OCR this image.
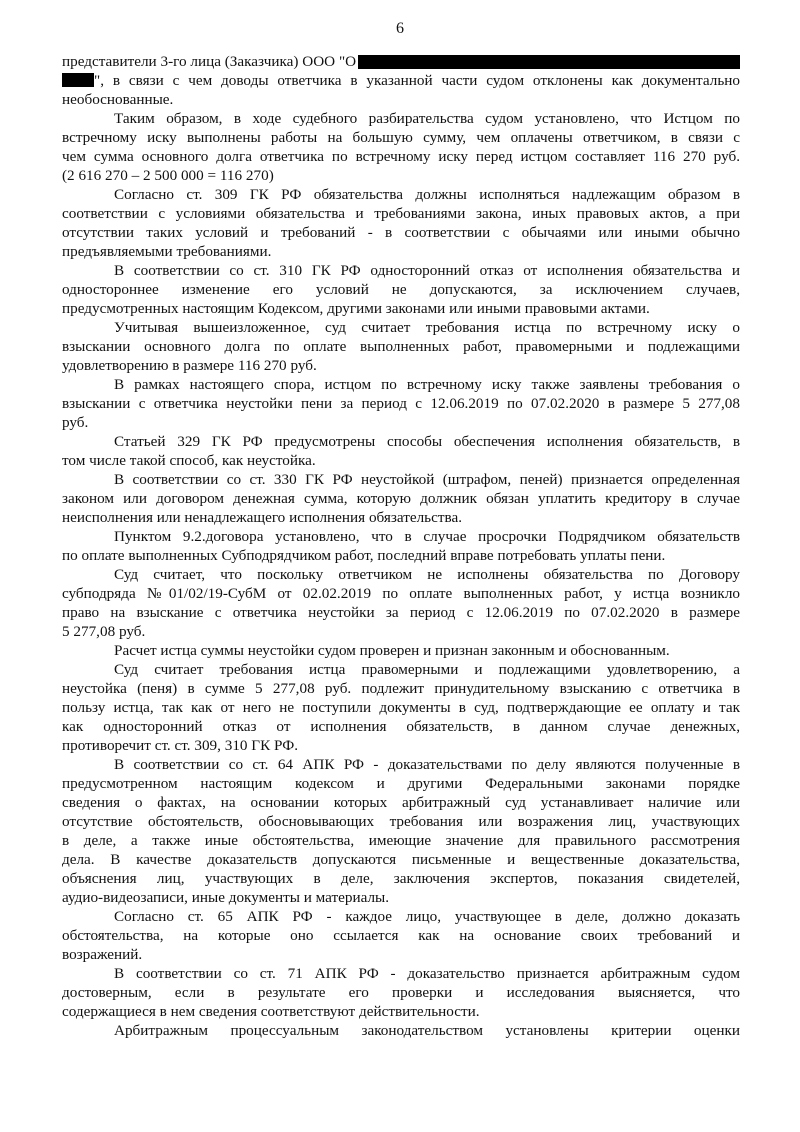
6
представители 3-го лица (Заказчика) ООО "О
", в связи с чем доводы ответчика в указанной части судом отклонены как документально
необоснованные.
Таким образом, в ходе судебного разбирательства судом установлено, что Истцом по
встречному иску выполнены работы на большую сумму, чем оплачены ответчиком, в связи с
чем сумма основного долга ответчика по встречному иску перед истцом составляет 116 270 руб.
(2 616 270 – 2 500 000 = 116 270)
Согласно ст. 309 ГК РФ обязательства должны исполняться надлежащим образом в
соответствии с условиями обязательства и требованиями закона, иных правовых актов, а при
отсутствии таких условий и требований - в соответствии с обычаями или иными обычно
предъявляемыми требованиями.
В соответствии со ст. 310 ГК РФ односторонний отказ от исполнения обязательства и
одностороннее изменение его условий не допускаются, за исключением случаев,
предусмотренных настоящим Кодексом, другими законами или иными правовыми актами.
Учитывая вышеизложенное, суд считает требования истца по встречному иску о
взыскании основного долга по оплате выполненных работ, правомерными и подлежащими
удовлетворению в размере 116 270 руб.
В рамках настоящего спора, истцом по встречному иску также заявлены требования о
взыскании с ответчика неустойки пени за период с 12.06.2019 по 07.02.2020 в размере 5 277,08
руб.
Статьей 329 ГК РФ предусмотрены способы обеспечения исполнения обязательств, в
том числе такой способ, как неустойка.
В соответствии со ст. 330 ГК РФ неустойкой (штрафом, пеней) признается определенная
законом или договором денежная сумма, которую должник обязан уплатить кредитору в случае
неисполнения или ненадлежащего исполнения обязательства.
Пунктом 9.2.договора установлено, что в случае просрочки Подрядчиком обязательств
по оплате выполненных Субподрядчиком работ, последний вправе потребовать уплаты пени.
Суд считает, что поскольку ответчиком не исполнены обязательства по Договору
субподряда №01/02/19-СубМ от 02.02.2019 по оплате выполненных работ, у истца возникло
право на взыскание с ответчика неустойки за период с 12.06.2019 по 07.02.2020 в размере
5 277,08 руб.
Расчет истца суммы неустойки судом проверен и признан законным и обоснованным.
Суд считает требования истца правомерными и подлежащими удовлетворению, а
неустойка (пеня) в сумме 5 277,08 руб. подлежит принудительному взысканию с ответчика в
пользу истца, так как от него не поступили документы в суд, подтверждающие ее оплату и так
как односторонний отказ от исполнения обязательств, в данном случае денежных,
противоречит ст. ст. 309, 310 ГК РФ.
В соответствии со ст. 64 АПК РФ - доказательствами по делу являются полученные в
предусмотренном настоящим кодексом и другими Федеральными законами порядке
сведения о фактах, на основании которых арбитражный суд устанавливает наличие или
отсутствие обстоятельств, обосновывающих требования или возражения лиц, участвующих
в деле, а также иные обстоятельства, имеющие значение для правильного рассмотрения
дела. В качестве доказательств допускаются письменные и вещественные доказательства,
объяснения лиц, участвующих в деле, заключения экспертов, показания свидетелей,
аудио-видеозаписи, иные документы и материалы.
Согласно ст. 65 АПК РФ - каждое лицо, участвующее в деле, должно доказать
обстоятельства, на которые оно ссылается как на основание своих требований и
возражений.
В соответствии со ст. 71 АПК РФ - доказательство признается арбитражным судом
достоверным, если в результате его проверки и исследования выясняется, что
содержащиеся в нем сведения соответствуют действительности.
Арбитражным процессуальным законодательством установлены критерии оценки
